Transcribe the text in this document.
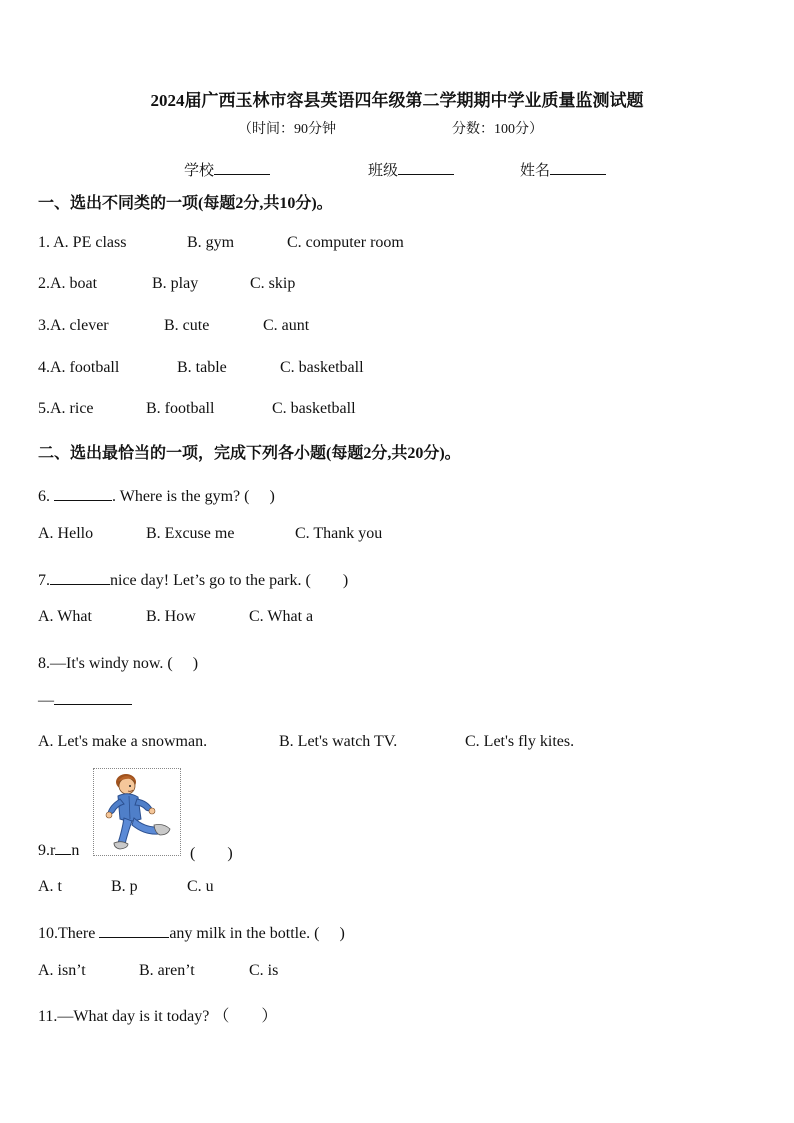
2024届广西玉林市容县英语四年级第二学期期中学业质量监测试题
（时间：90分钟	分数：100分）
学校	班级	姓名
一、选出不同类的一项(每题2分,共10分)。
1. A. PE class	B. gym	C. computer room
2.A. boat	B. play	C. skip
3.A. clever	B. cute	C. aunt
4.A. football	B. table	C. basketball
5.A. rice	B. football	C. basketball
二、选出最恰当的一项，完成下列各小题(每题2分,共20分)。
6.	. Where is the gym? (　 )
A. Hello	B. Excuse me	C. Thank you
7.	nice day! Let’s go to the park. (　　)
A. What	B. How	C. What a
8.—It's windy now. (　 )
—
A. Let's make a snowman.	B. Let's watch TV.	C. Let's fly kites.
9.r n	(　　)
A. t	B. p	C. u
10.There	any milk in the bottle. (　 )
A. isn’t	B. aren’t	C. is
11.—What day is it today? （　　）
